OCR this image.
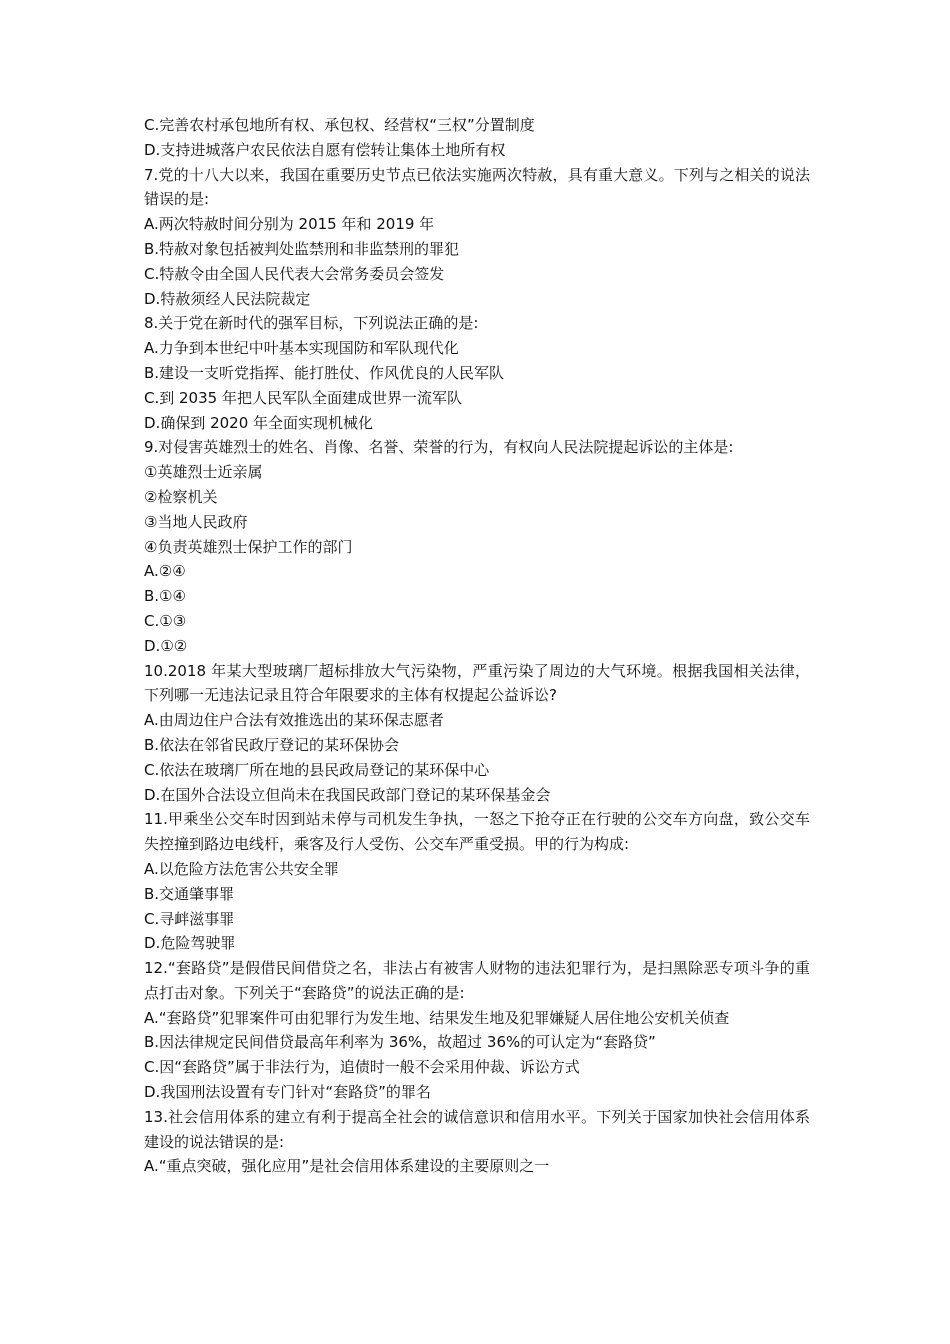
C.完善农村承包地所有权、承包权、经营权“三权”分置制度

D.支持进城落户农民依法自愿有偿转让集体土地所有权

7.党的十八大以来，我国在重要历史节点已依法实施两次特赦，具有重大意义。下列与之相关的说法错误的是:

A.两次特赦时间分别为 2015 年和 2019 年

B.特赦对象包括被判处监禁刑和非监禁刑的罪犯

C.特赦令由全国人民代表大会常务委员会签发

D.特赦须经人民法院裁定

8.关于党在新时代的强军目标，下列说法正确的是:

A.力争到本世纪中叶基本实现国防和军队现代化

B.建设一支听党指挥、能打胜仗、作风优良的人民军队

C.到 2035 年把人民军队全面建成世界一流军队

D.确保到 2020 年全面实现机械化

9.对侵害英雄烈士的姓名、肖像、名誉、荣誉的行为，有权向人民法院提起诉讼的主体是:

①英雄烈士近亲属

②检察机关

③当地人民政府

④负责英雄烈士保护工作的部门

A.②④

B.①④

C.①③

D.①②

10.2018 年某大型玻璃厂超标排放大气污染物，严重污染了周边的大气环境。根据我国相关法律，下列哪一无违法记录且符合年限要求的主体有权提起公益诉讼?

A.由周边住户合法有效推选出的某环保志愿者

B.依法在邻省民政厅登记的某环保协会

C.依法在玻璃厂所在地的县民政局登记的某环保中心

D.在国外合法设立但尚未在我国民政部门登记的某环保基金会

11.甲乘坐公交车时因到站未停与司机发生争执，一怒之下抢夺正在行驶的公交车方向盘，致公交车失控撞到路边电线杆，乘客及行人受伤、公交车严重受损。甲的行为构成:

A.以危险方法危害公共安全罪

B.交通肇事罪

C.寻衅滋事罪

D.危险驾驶罪

12.“套路贷”是假借民间借贷之名，非法占有被害人财物的违法犯罪行为，是扫黑除恶专项斗争的重点打击对象。下列关于“套路贷”的说法正确的是:

A.“套路贷”犯罪案件可由犯罪行为发生地、结果发生地及犯罪嫌疑人居住地公安机关侦查

B.因法律规定民间借贷最高年利率为 36%，故超过 36%的可认定为“套路贷”

C.因“套路贷”属于非法行为，追债时一般不会采用仲裁、诉讼方式

D.我国刑法设置有专门针对“套路贷”的罪名

13.社会信用体系的建立有利于提高全社会的诚信意识和信用水平。下列关于国家加快社会信用体系建设的说法错误的是:

A.“重点突破，强化应用”是社会信用体系建设的主要原则之一
